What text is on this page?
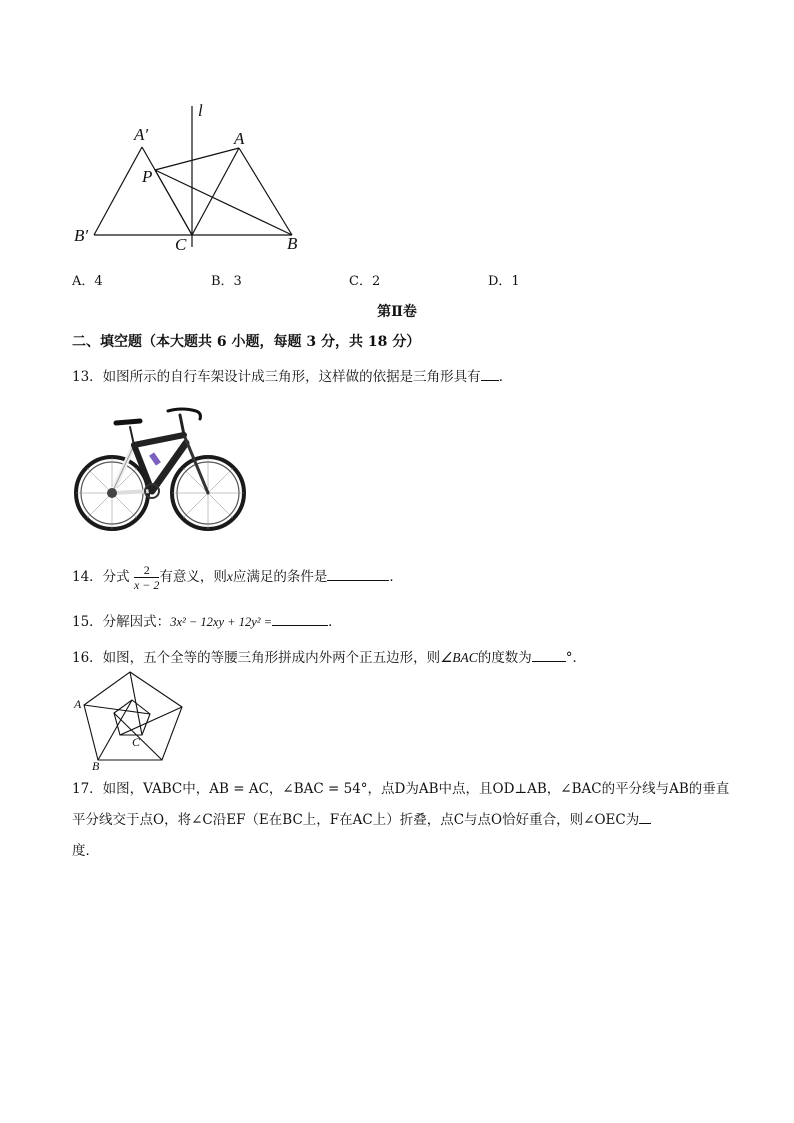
l
A′	A
P
B′	C	B
A．4	B．3	C．2	D．1
第Ⅱ卷
二、填空题（本大题共 6 小题，每题 3 分，共 18 分）
13．如图所示的自行车架设计成三角形，这样做的依据是三角形具有 ．
14．分式 $\frac{2}{x - 2}$ 有意义，则x应满足的条件是	．
15．分解因式：3x² − 12xy + 12y² =	．
16．如图，五个全等的等腰三角形拼成内外两个正五边形，则∠BAC的度数为	°．
A
B
C
17．如图，VABC中，AB = AC，∠BAC = 54°，点D为AB中点，且OD⊥AB，∠BAC的平分线与AB的垂直平分线交于点O，将∠C沿EF（E在BC上，F在AC上）折叠，点C与点O恰好重合，则∠OEC为
度．
